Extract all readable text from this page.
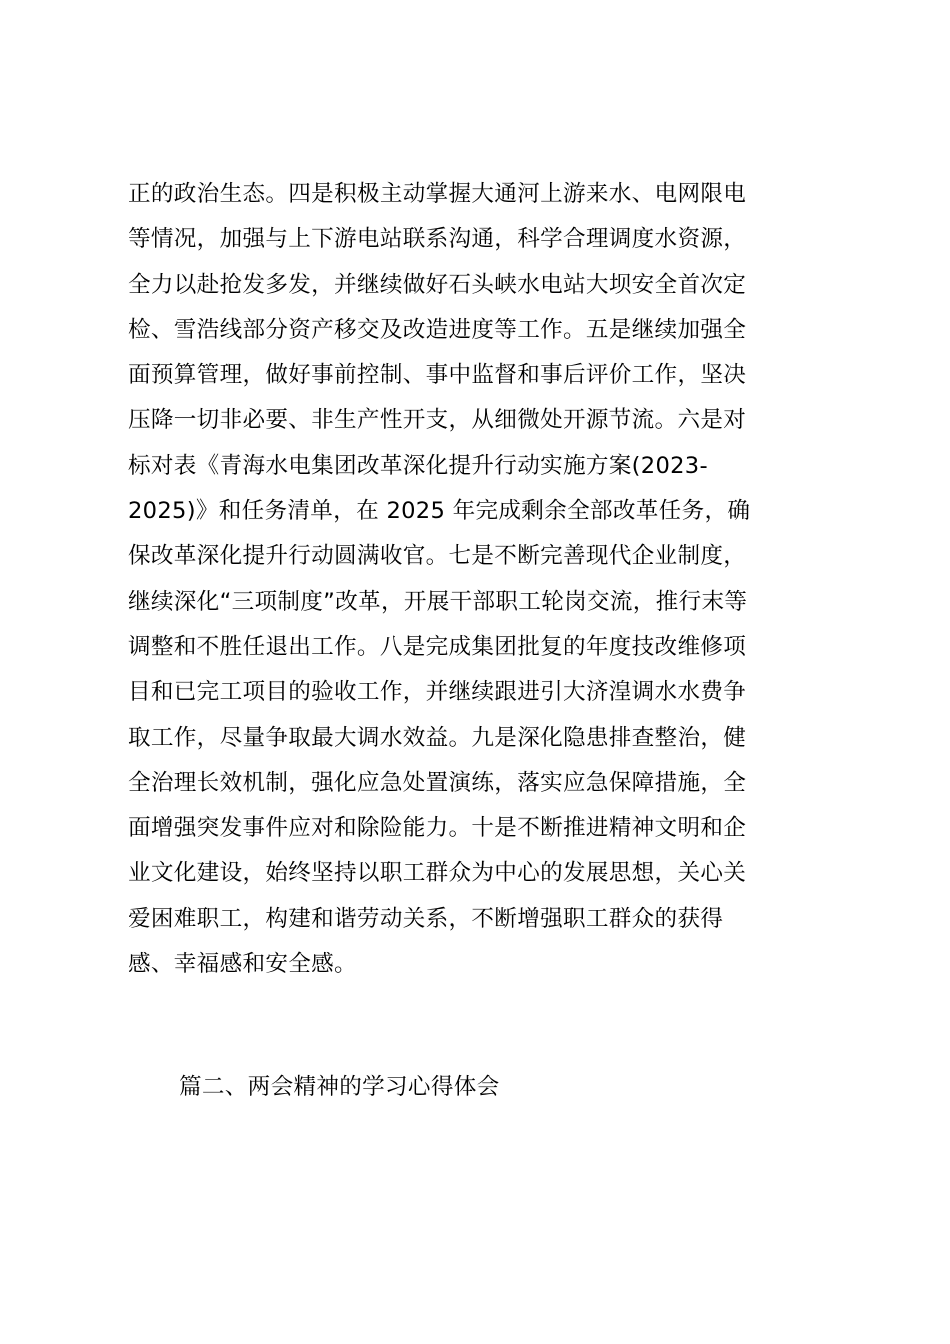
正的政治生态。四是积极主动掌握大通河上游来水、电网限电
等情况，加强与上下游电站联系沟通，科学合理调度水资源，
全力以赴抢发多发，并继续做好石头峡水电站大坝安全首次定
检、雪浩线部分资产移交及改造进度等工作。五是继续加强全
面预算管理，做好事前控制、事中监督和事后评价工作，坚决
压降一切非必要、非生产性开支，从细微处开源节流。六是对
标对表《青海水电集团改革深化提升行动实施方案(2023-
2025)》和任务清单，在 2025 年完成剩余全部改革任务，确
保改革深化提升行动圆满收官。七是不断完善现代企业制度，
继续深化“三项制度”改革，开展干部职工轮岗交流，推行末等
调整和不胜任退出工作。八是完成集团批复的年度技改维修项
目和已完工项目的验收工作，并继续跟进引大济湟调水水费争
取工作，尽量争取最大调水效益。九是深化隐患排查整治，健
全治理长效机制，强化应急处置演练，落实应急保障措施，全
面增强突发事件应对和除险能力。十是不断推进精神文明和企
业文化建设，始终坚持以职工群众为中心的发展思想，关心关
爱困难职工，构建和谐劳动关系，不断增强职工群众的获得
感、幸福感和安全感。
篇二、两会精神的学习心得体会
